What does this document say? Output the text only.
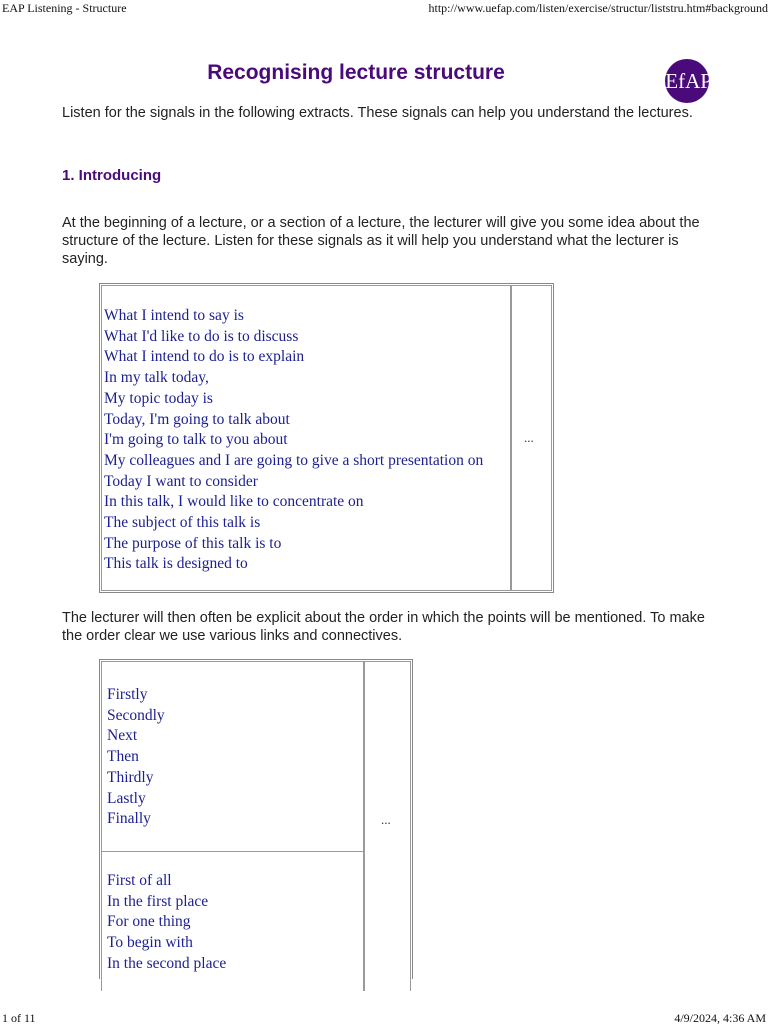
EAP Listening - Structure	http://www.uefap.com/listen/exercise/structur/liststru.htm#background
Recognising lecture structure	UEfAP

Listen for the signals in the following extracts. These signals can help you understand the lectures.

1. Introducing

At the beginning of a lecture, or a section of a lecture, the lecturer will give you some idea about the structure of the lecture. Listen for these signals as it will help you understand what the lecturer is saying.

What I intend to say is
What I'd like to do is to discuss
What I intend to do is to explain
In my talk today,
My topic today is
Today, I'm going to talk about
I'm going to talk to you about
My colleagues and I are going to give a short presentation on
Today I want to consider
In this talk, I would like to concentrate on
The subject of this talk is
The purpose of this talk is to
This talk is designed to
...

The lecturer will then often be explicit about the order in which the points will be mentioned. To make the order clear we use various links and connectives.

Firstly
Secondly
Next
Then
Thirdly
Lastly
Finally
First of all
In the first place
For one thing
To begin with
In the second place
...
1 of 11	4/9/2024, 4:36 AM
